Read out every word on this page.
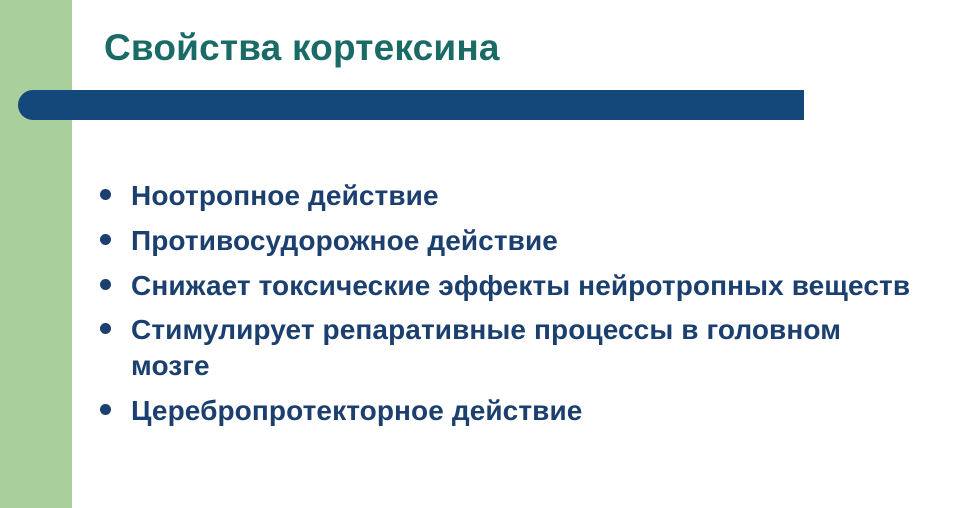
Свойства кортексина
Ноотропное действие
Противосудорожное действие
Снижает токсические эффекты нейротропных веществ
Стимулирует репаративные процессы в головном мозге
Церебропротекторное действие
